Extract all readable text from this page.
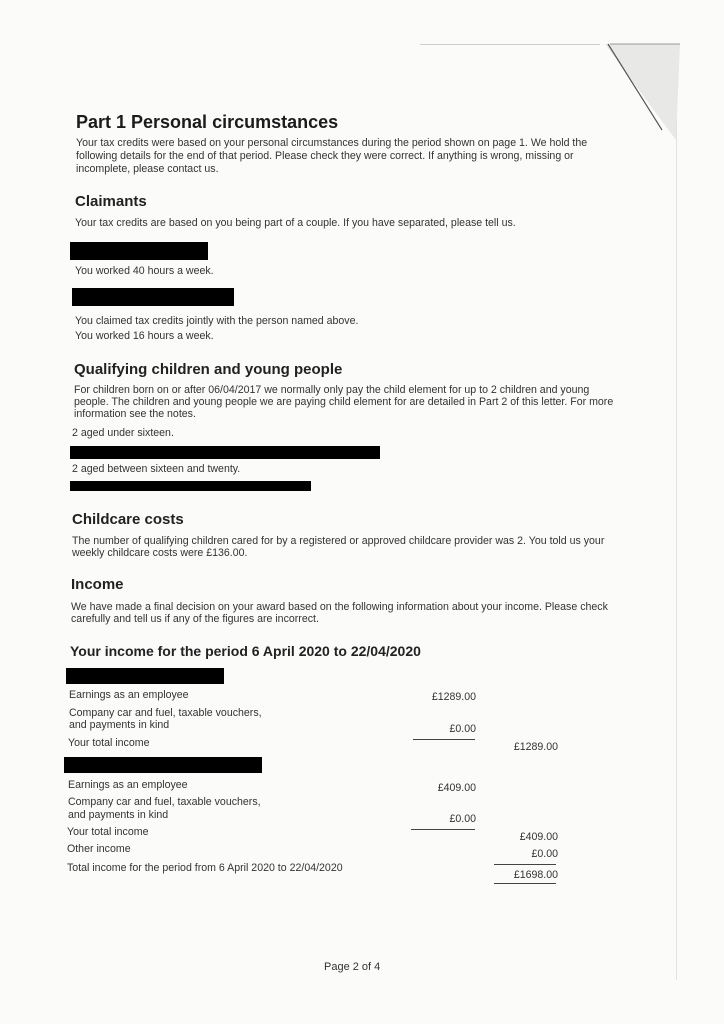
Part 1 Personal circumstances

Your tax credits were based on your personal circumstances during the period shown on page 1. We hold the

following details for the end of that period. Please check they were correct. If anything is wrong, missing or

incomplete, please contact us.

Claimants

Your tax credits are based on you being part of a couple. If you have separated, please tell us.

You worked 40 hours a week.

You claimed tax credits jointly with the person named above.

You worked 16 hours a week.

Qualifying children and young people

For children born on or after 06/04/2017 we normally only pay the child element for up to 2 children and young

people. The children and young people we are paying child element for are detailed in Part 2 of this letter. For more

information see the notes.

2 aged under sixteen.

2 aged between sixteen and twenty.

Childcare costs

The number of qualifying children cared for by a registered or approved childcare provider was 2. You told us your

weekly childcare costs were £136.00.

Income

We have made a final decision on your award based on the following information about your income. Please check

carefully and tell us if any of the figures are incorrect.

Your income for the period 6 April 2020 to 22/04/2020
Earnings as an employee	£1289.00
Company car and fuel, taxable vouchers,
and payments in kind	£0.00
Your total income	£1289.00
Earnings as an employee	£409.00
Company car and fuel, taxable vouchers,
and payments in kind	£0.00
Your total income	£409.00
Other income	£0.00
Total income for the period from 6 April 2020 to 22/04/2020
£1698.00
Page 2 of 4
